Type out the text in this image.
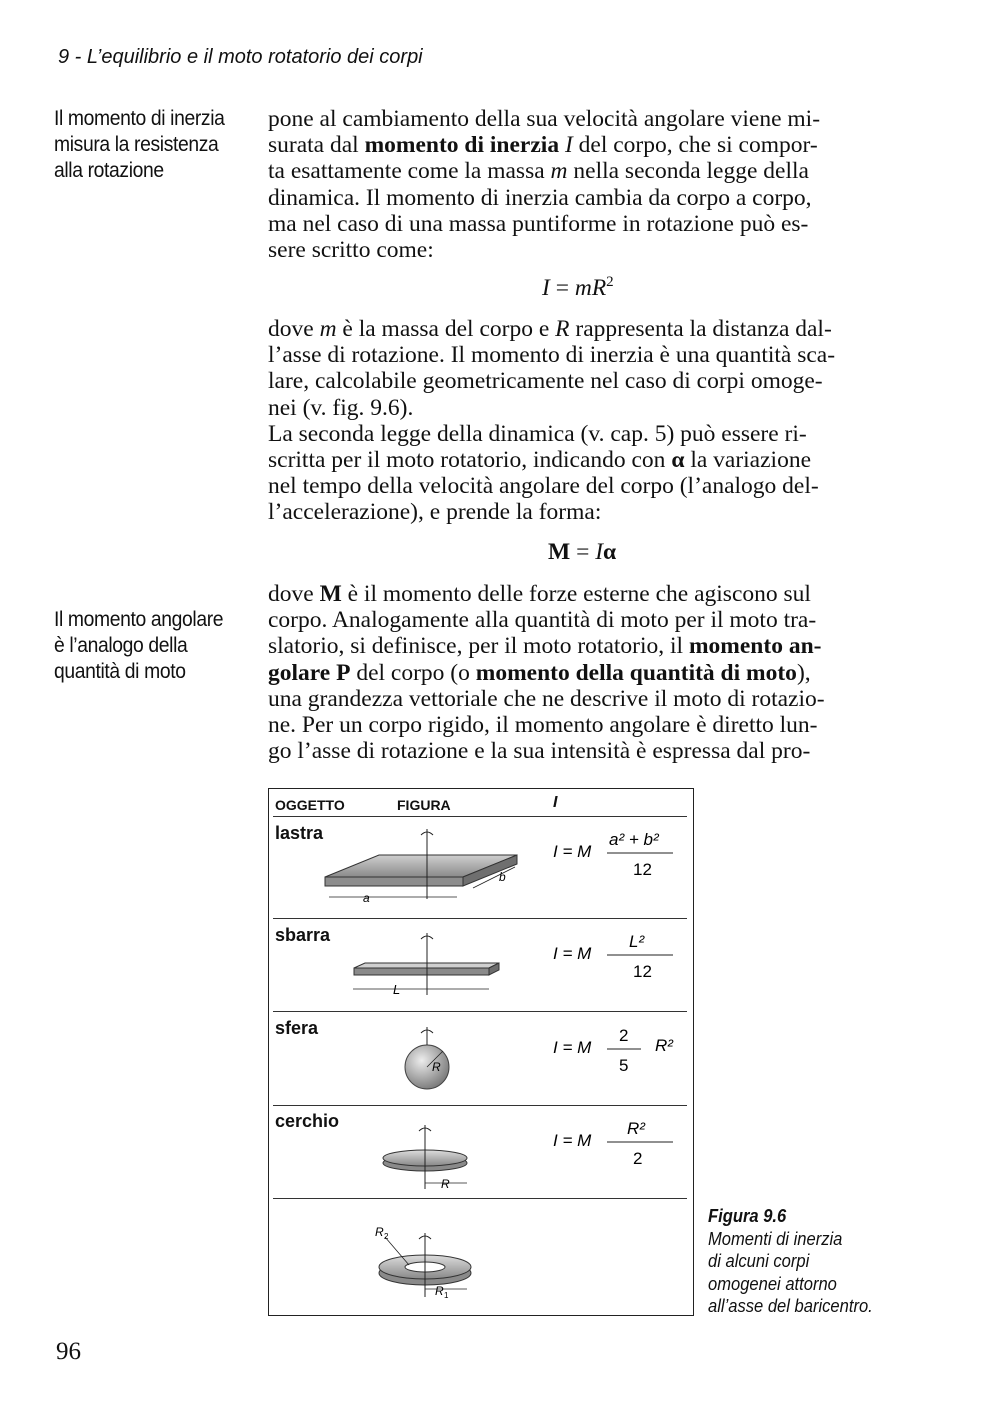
9 - L’equilibrio e il moto rotatorio dei corpi
Il momento di inerzia
misura la resistenza
alla rotazione
Il momento angolare
è l’analogo della
quantità di moto
pone al cambiamento della sua velocità angolare viene mi-
surata dal momento di inerzia I del corpo, che si compor-
ta esattamente come la massa m nella seconda legge della
dinamica. Il momento di inerzia cambia da corpo a corpo,
ma nel caso di una massa puntiforme in rotazione può es-
sere scritto come:
$I = mR^2$
dove m è la massa del corpo e R rappresenta la distanza dal-
l’asse di rotazione. Il momento di inerzia è una quantità sca-
lare, calcolabile geometricamente nel caso di corpi omoge-
nei (v. fig. 9.6).
La seconda legge della dinamica (v. cap. 5) può essere ri-
scritta per il moto rotatorio, indicando con α la variazione
nel tempo della velocità angolare del corpo (l’analogo del-
l’accelerazione), e prende la forma:
M = Iα
dove M è il momento delle forze esterne che agiscono sul
corpo. Analogamente alla quantità di moto per il moto tra-
slatorio, si definisce, per il moto rotatorio, il momento an-
golare P del corpo (o momento della quantità di moto),
una grandezza vettoriale che ne descrive il moto di rotazio-
ne. Per un corpo rigido, il momento angolare è diretto lun-
go l’asse di rotazione e la sua intensità è espressa dal pro-
OGGETTO	FIGURA	I
lastra
sbarra
sfera
cerchio
a
b
I = M
a² + b²
12
L
I = M
L²
12
R
I = M
2
5
R²
R
I = M
R²
2
R 2
R 1
Figura 9.6
Momenti di inerzia
di alcuni corpi
omogenei attorno
all’asse del baricentro.
96
